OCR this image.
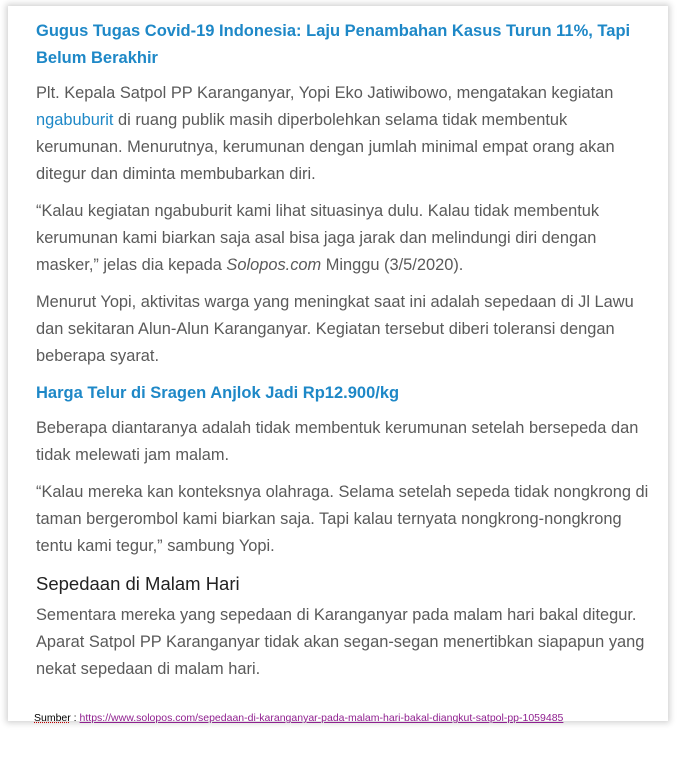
Gugus Tugas Covid-19 Indonesia: Laju Penambahan Kasus Turun 11%, Tapi Belum Berakhir

Plt. Kepala Satpol PP Karanganyar, Yopi Eko Jatiwibowo, mengatakan kegiatan ngabuburit di ruang publik masih diperbolehkan selama tidak membentuk kerumunan. Menurutnya, kerumunan dengan jumlah minimal empat orang akan ditegur dan diminta membubarkan diri.

“Kalau kegiatan ngabuburit kami lihat situasinya dulu. Kalau tidak membentuk kerumunan kami biarkan saja asal bisa jaga jarak dan melindungi diri dengan masker,” jelas dia kepada Solopos.com Minggu (3/5/2020).

Menurut Yopi, aktivitas warga yang meningkat saat ini adalah sepedaan di Jl Lawu dan sekitaran Alun-Alun Karanganyar. Kegiatan tersebut diberi toleransi dengan beberapa syarat.

Harga Telur di Sragen Anjlok Jadi Rp12.900/kg

Beberapa diantaranya adalah tidak membentuk kerumunan setelah bersepeda dan tidak melewati jam malam.

“Kalau mereka kan konteksnya olahraga. Selama setelah sepeda tidak nongkrong di taman bergerombol kami biarkan saja. Tapi kalau ternyata nongkrong-nongkrong tentu kami tegur,” sambung Yopi.

Sepedaan di Malam Hari

Sementara mereka yang sepedaan di Karanganyar pada malam hari bakal ditegur. Aparat Satpol PP Karanganyar tidak akan segan-segan menertibkan siapapun yang nekat sepedaan di malam hari.

Sumber : https://www.solopos.com/sepedaan-di-karanganyar-pada-malam-hari-bakal-diangkut-satpol-pp-1059485
